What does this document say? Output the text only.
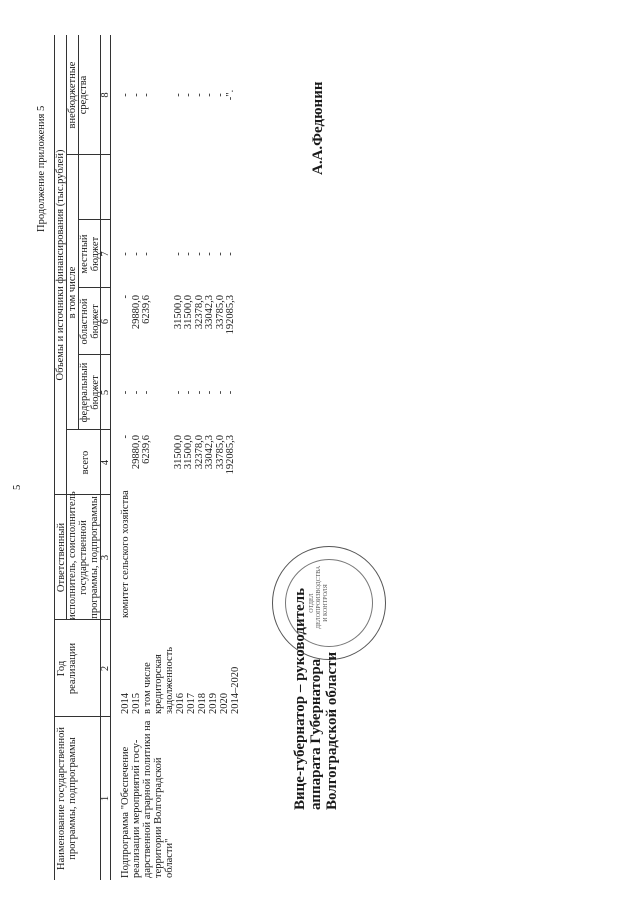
5
Продолжение приложения 5
Наименование государственной программы, подпрограммы
Год реализации
Ответственный исполнитель, соисполнитель государственной программы, подпрограммы
Объемы и источники финансирования (тыс.рублей)
всего
в том числе
федеральный бюджет
областной бюджет
местный бюджет
внебюджетные средства
1
2
3
4
5
6
7
8
Подпрограмма "Обеспечение реализации мероприятий госу- дарственной аграрной политики на территории Волгоградской области"
2014 2015 в том числе кредиторская задолженность 2016 2017 2018 2019 2020 2014–2020
комитет сельского хозяйства
- 29880,0 6239,6 31500,0 31500,0 32378,0 33042,3 33785,0 192085,3
- - - - - - - - -
- 29880,0 6239,6 31500,0 31500,0 32378,0 33042,3 33785,0 192085,3
- - - - - - - - -
- - - - - - - - -".
ОТДЕЛ ДЕЛОПРОИЗВОДСТВА И КОНТРОЛЯ
Вице-губернатор – руководитель аппарата Губернатора Волгоградской области
А.А.Федюнин
